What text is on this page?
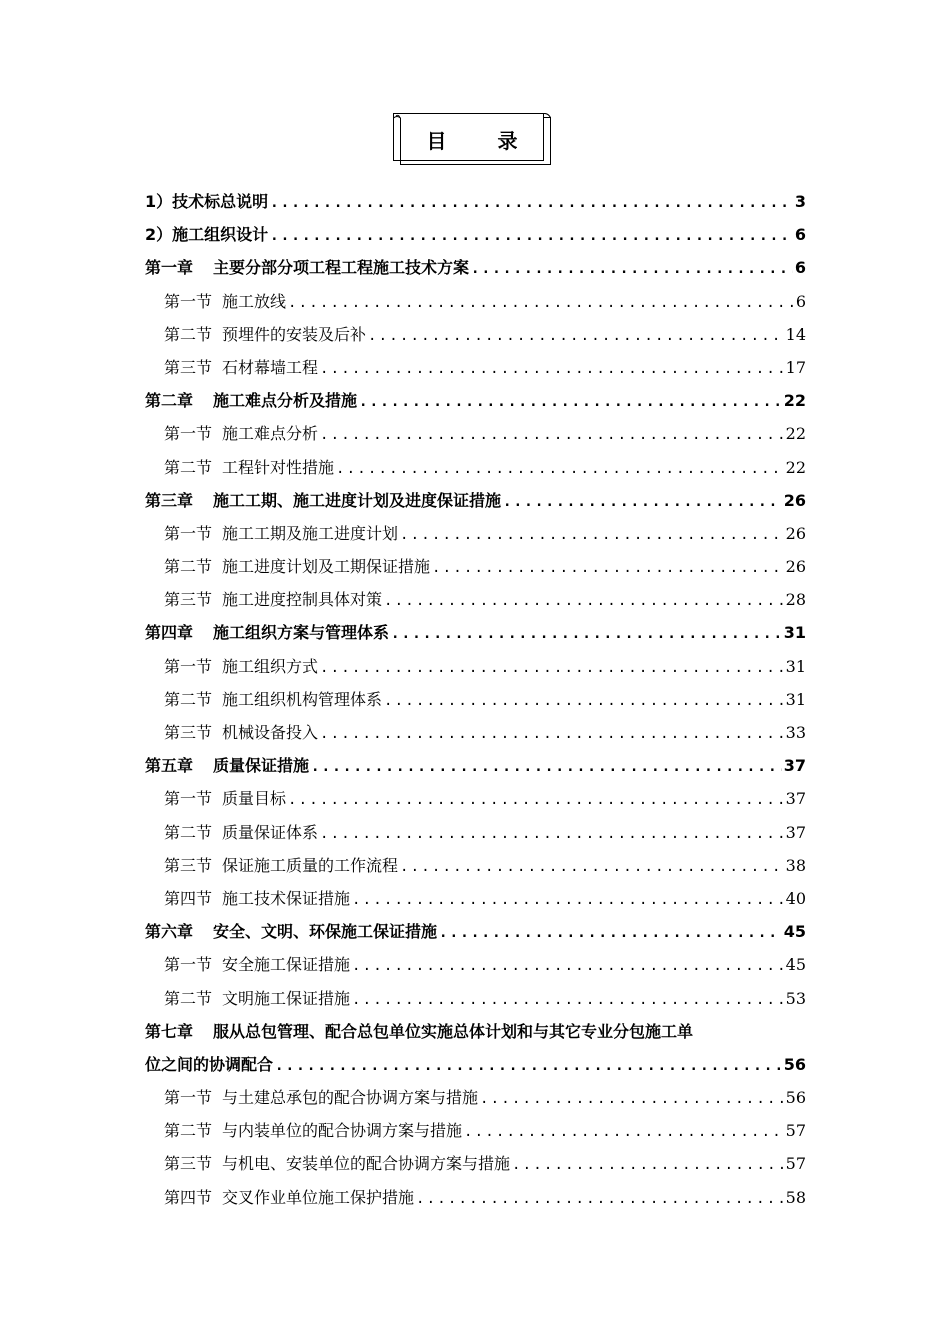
目 录
1）技术标总说明 .....	3
2）施工组织设计 .....	6
第一章 主要分部分项工程工程施工技术方案 .....	6
第一节 施工放线 .....	6
第二节 预埋件的安装及后补 .....	14
第三节 石材幕墙工程 .....	17
第二章 施工难点分析及措施 .....	22
第一节 施工难点分析 .....	22
第二节 工程针对性措施 .....	22
第三章 施工工期、施工进度计划及进度保证措施 .....	26
第一节 施工工期及施工进度计划 .....	26
第二节 施工进度计划及工期保证措施 .....	26
第三节 施工进度控制具体对策 .....	28
第四章 施工组织方案与管理体系 .....	31
第一节 施工组织方式 .....	31
第二节 施工组织机构管理体系 .....	31
第三节 机械设备投入 .....	33
第五章 质量保证措施 .....	37
第一节 质量目标 .....	37
第二节 质量保证体系 .....	37
第三节 保证施工质量的工作流程 .....	38
第四节 施工技术保证措施 .....	40
第六章 安全、文明、环保施工保证措施 .....	45
第一节 安全施工保证措施 .....	45
第二节 文明施工保证措施 .....	53
第七章 服从总包管理、配合总包单位实施总体计划和与其它专业分包施工单
位之间的协调配合 .....	56
第一节 与土建总承包的配合协调方案与措施 .....	56
第二节 与内装单位的配合协调方案与措施 .....	57
第三节 与机电、安装单位的配合协调方案与措施 .....	57
第四节 交叉作业单位施工保护措施 .....	58
